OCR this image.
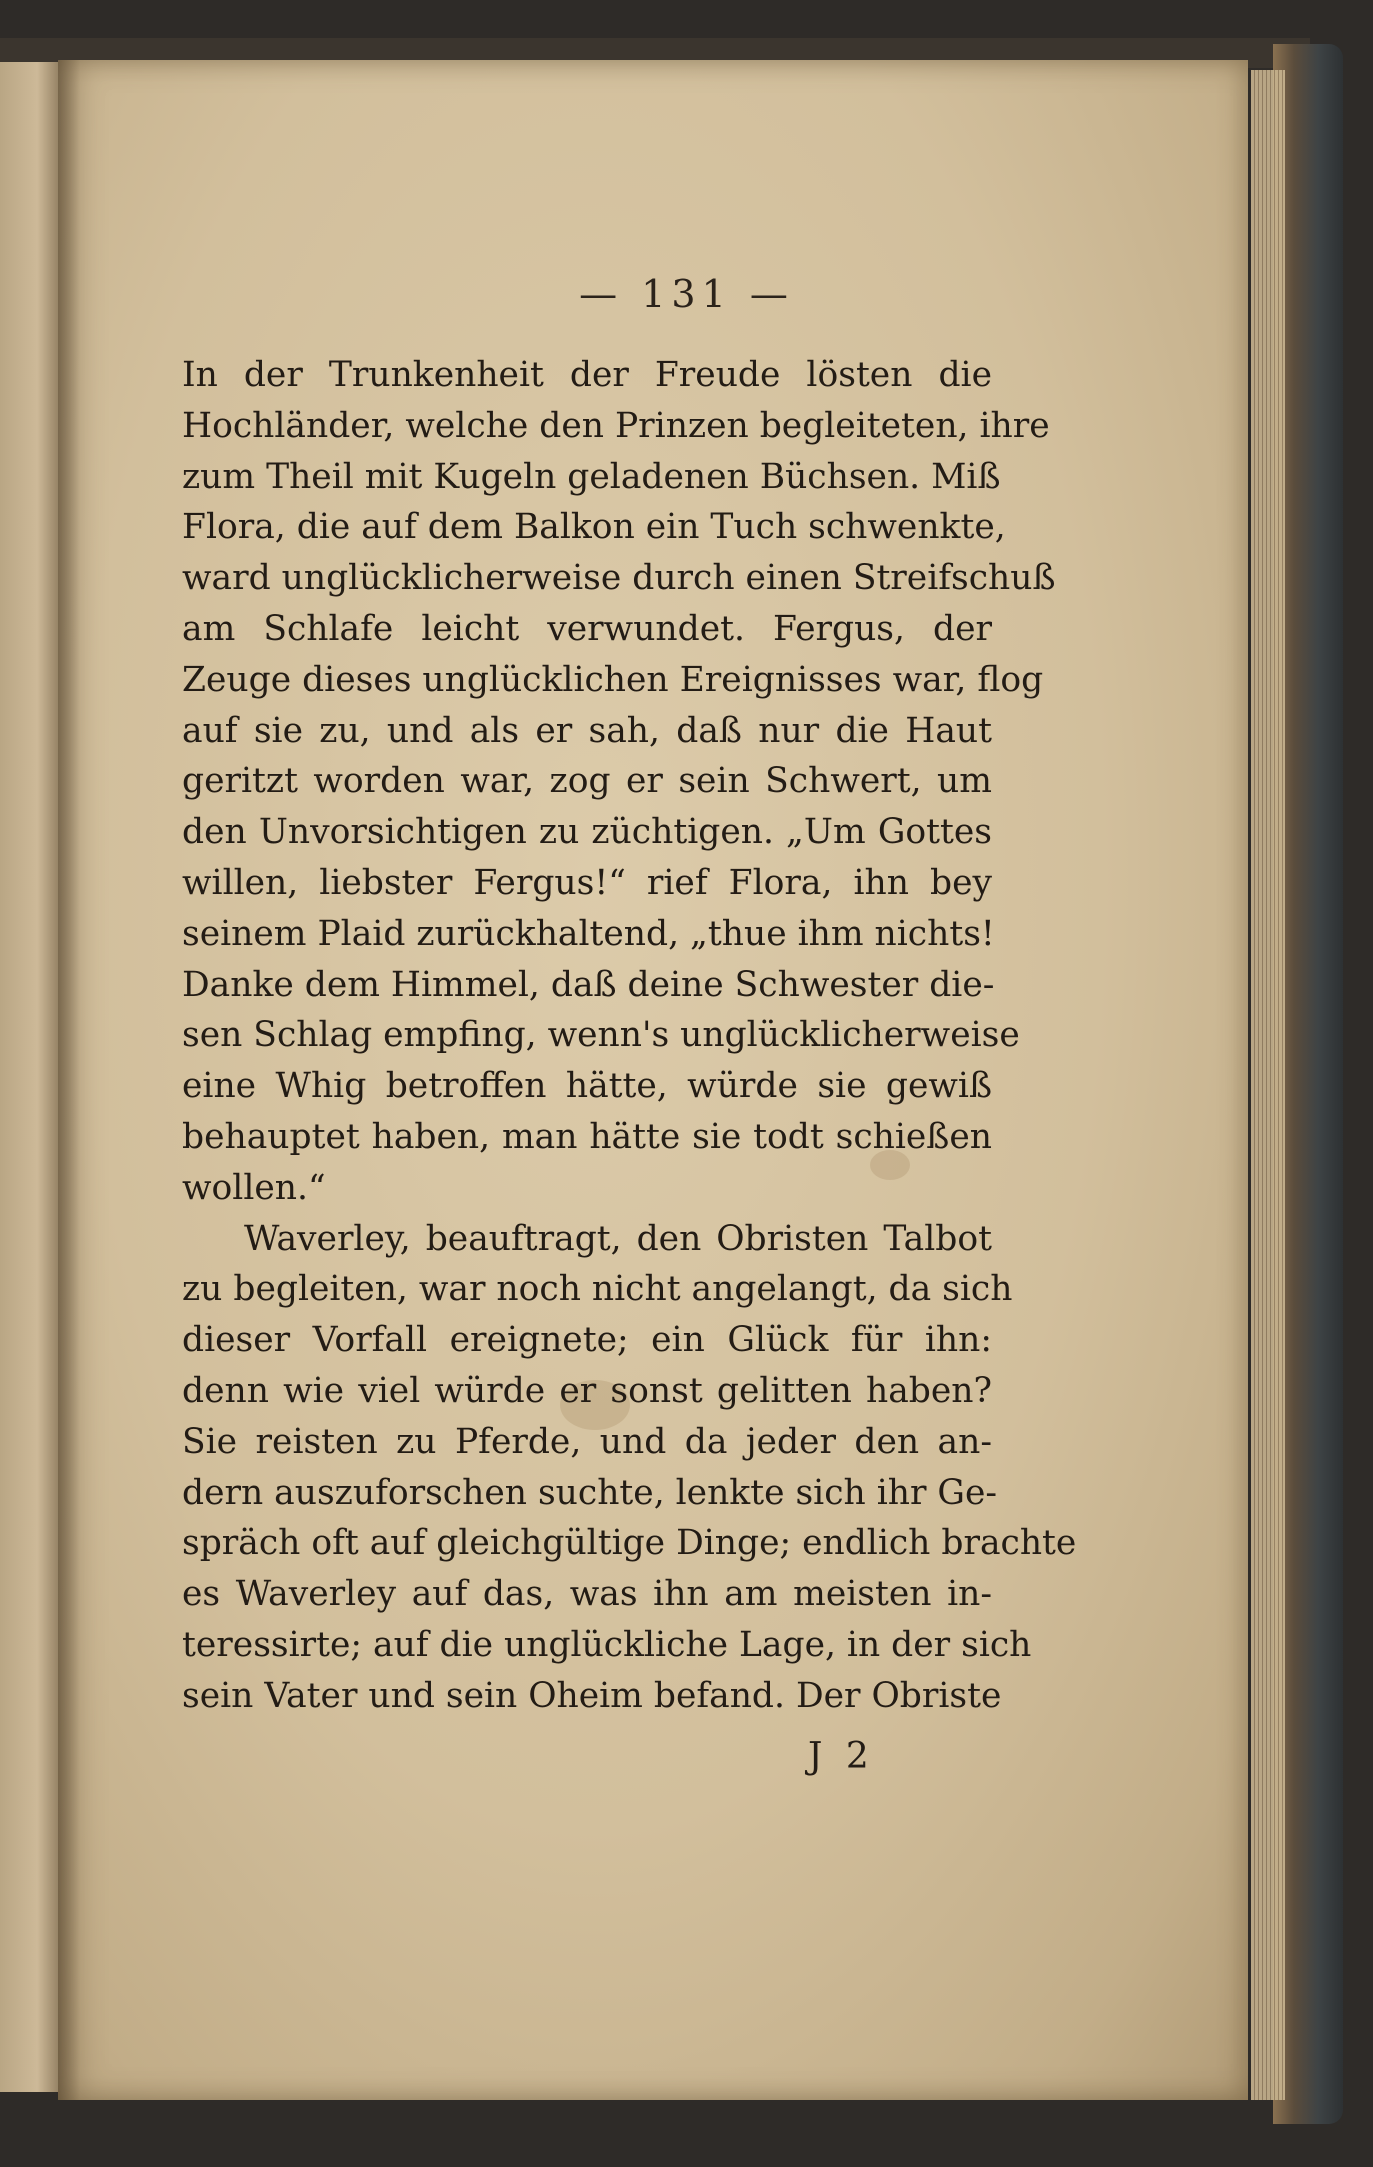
— 131 —
In der Trunkenheit der Freude lösten die
Hochländer, welche den Prinzen begleiteten, ihre
zum Theil mit Kugeln geladenen Büchsen. Miß
Flora, die auf dem Balkon ein Tuch schwenkte,
ward unglücklicherweise durch einen Streifschuß
am Schlafe leicht verwundet. Fergus, der
Zeuge dieses unglücklichen Ereignisses war, flog
auf sie zu, und als er sah, daß nur die Haut
geritzt worden war, zog er sein Schwert, um
den Unvorsichtigen zu züchtigen. „Um Gottes
willen, liebster Fergus!“ rief Flora, ihn bey
seinem Plaid zurückhaltend, „thue ihm nichts!
Danke dem Himmel, daß deine Schwester die-
sen Schlag empfing, wenn's unglücklicherweise
eine Whig betroffen hätte, würde sie gewiß
behauptet haben, man hätte sie todt schießen
wollen.“
Waverley, beauftragt, den Obristen Talbot
zu begleiten, war noch nicht angelangt, da sich
dieser Vorfall ereignete; ein Glück für ihn:
denn wie viel würde er sonst gelitten haben?
Sie reisten zu Pferde, und da jeder den an-
dern auszuforschen suchte, lenkte sich ihr Ge-
spräch oft auf gleichgültige Dinge; endlich brachte
es Waverley auf das, was ihn am meisten in-
teressirte; auf die unglückliche Lage, in der sich
sein Vater und sein Oheim befand. Der Obriste
J 2
